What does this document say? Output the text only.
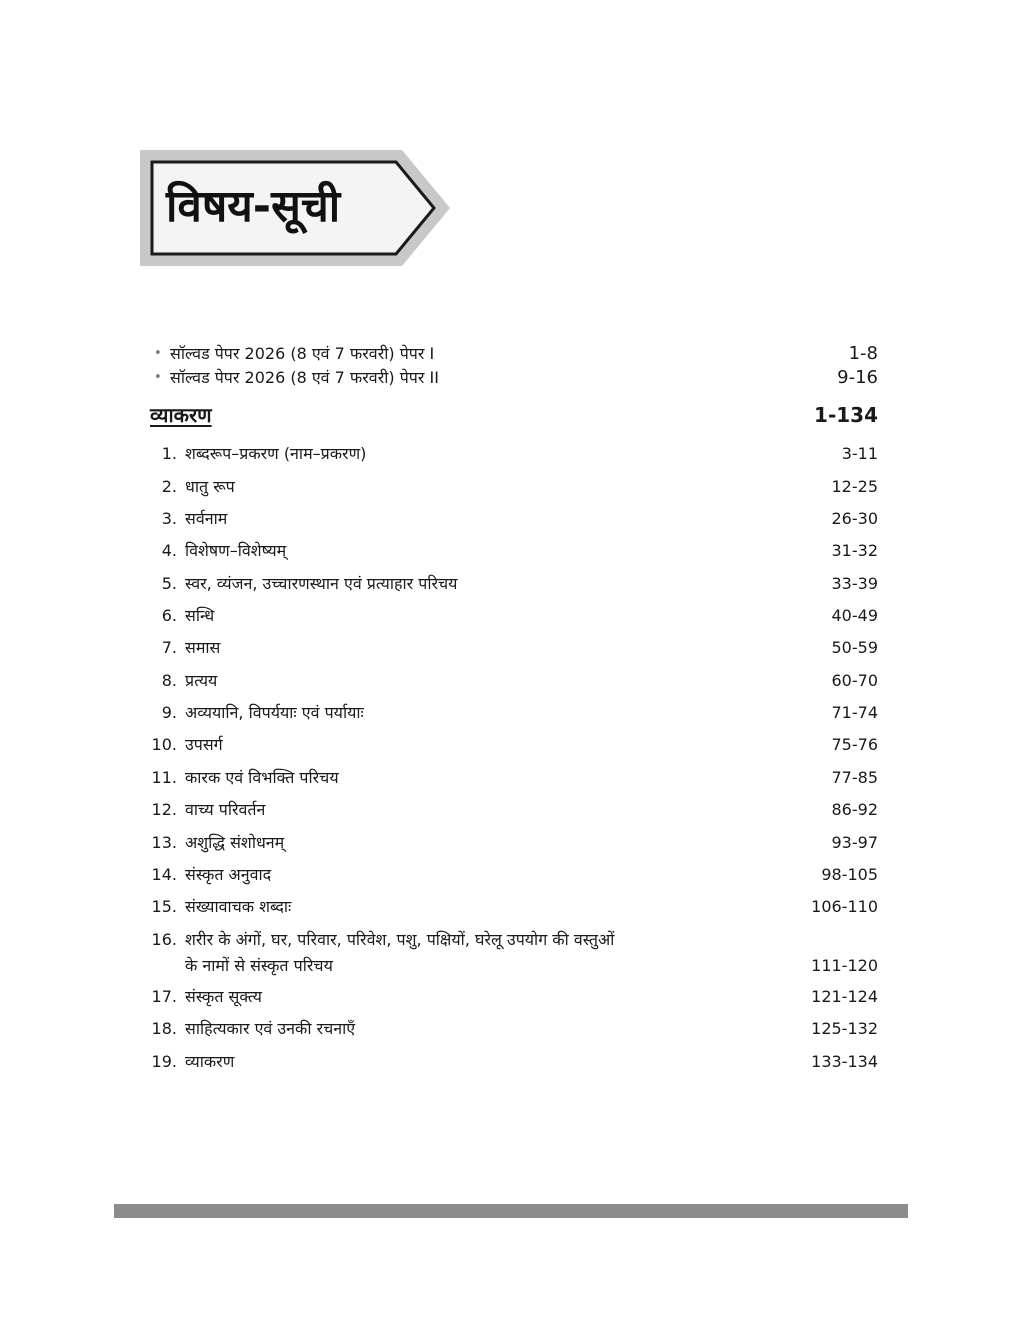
विषय-सूची
• सॉल्वड पेपर 2026 (8 एवं 7 फरवरी) पेपर I	1-8
• सॉल्वड पेपर 2026 (8 एवं 7 फरवरी) पेपर II	9-16
व्याकरण	1-134
1. शब्दरूप–प्रकरण (नाम–प्रकरण)	3-11
2. धातु रूप	12-25
3. सर्वनाम	26-30
4. विशेषण–विशेष्यम्	31-32
5. स्वर, व्यंजन, उच्चारणस्थान एवं प्रत्याहार परिचय	33-39
6. सन्धि	40-49
7. समास	50-59
8. प्रत्यय	60-70
9. अव्ययानि, विपर्ययाः एवं पर्यायाः	71-74
10. उपसर्ग	75-76
11. कारक एवं विभक्ति परिचय	77-85
12. वाच्य परिवर्तन	86-92
13. अशुद्धि संशोधनम्	93-97
14. संस्कृत अनुवाद	98-105
15. संख्यावाचक शब्दाः	106-110
16. शरीर के अंगों, घर, परिवार, परिवेश, पशु, पक्षियों, घरेलू उपयोग की वस्तुओं
के नामों से संस्कृत परिचय	111-120
17. संस्कृत सूक्त्य	121-124
18. साहित्यकार एवं उनकी रचनाएँ	125-132
19. व्याकरण	133-134
